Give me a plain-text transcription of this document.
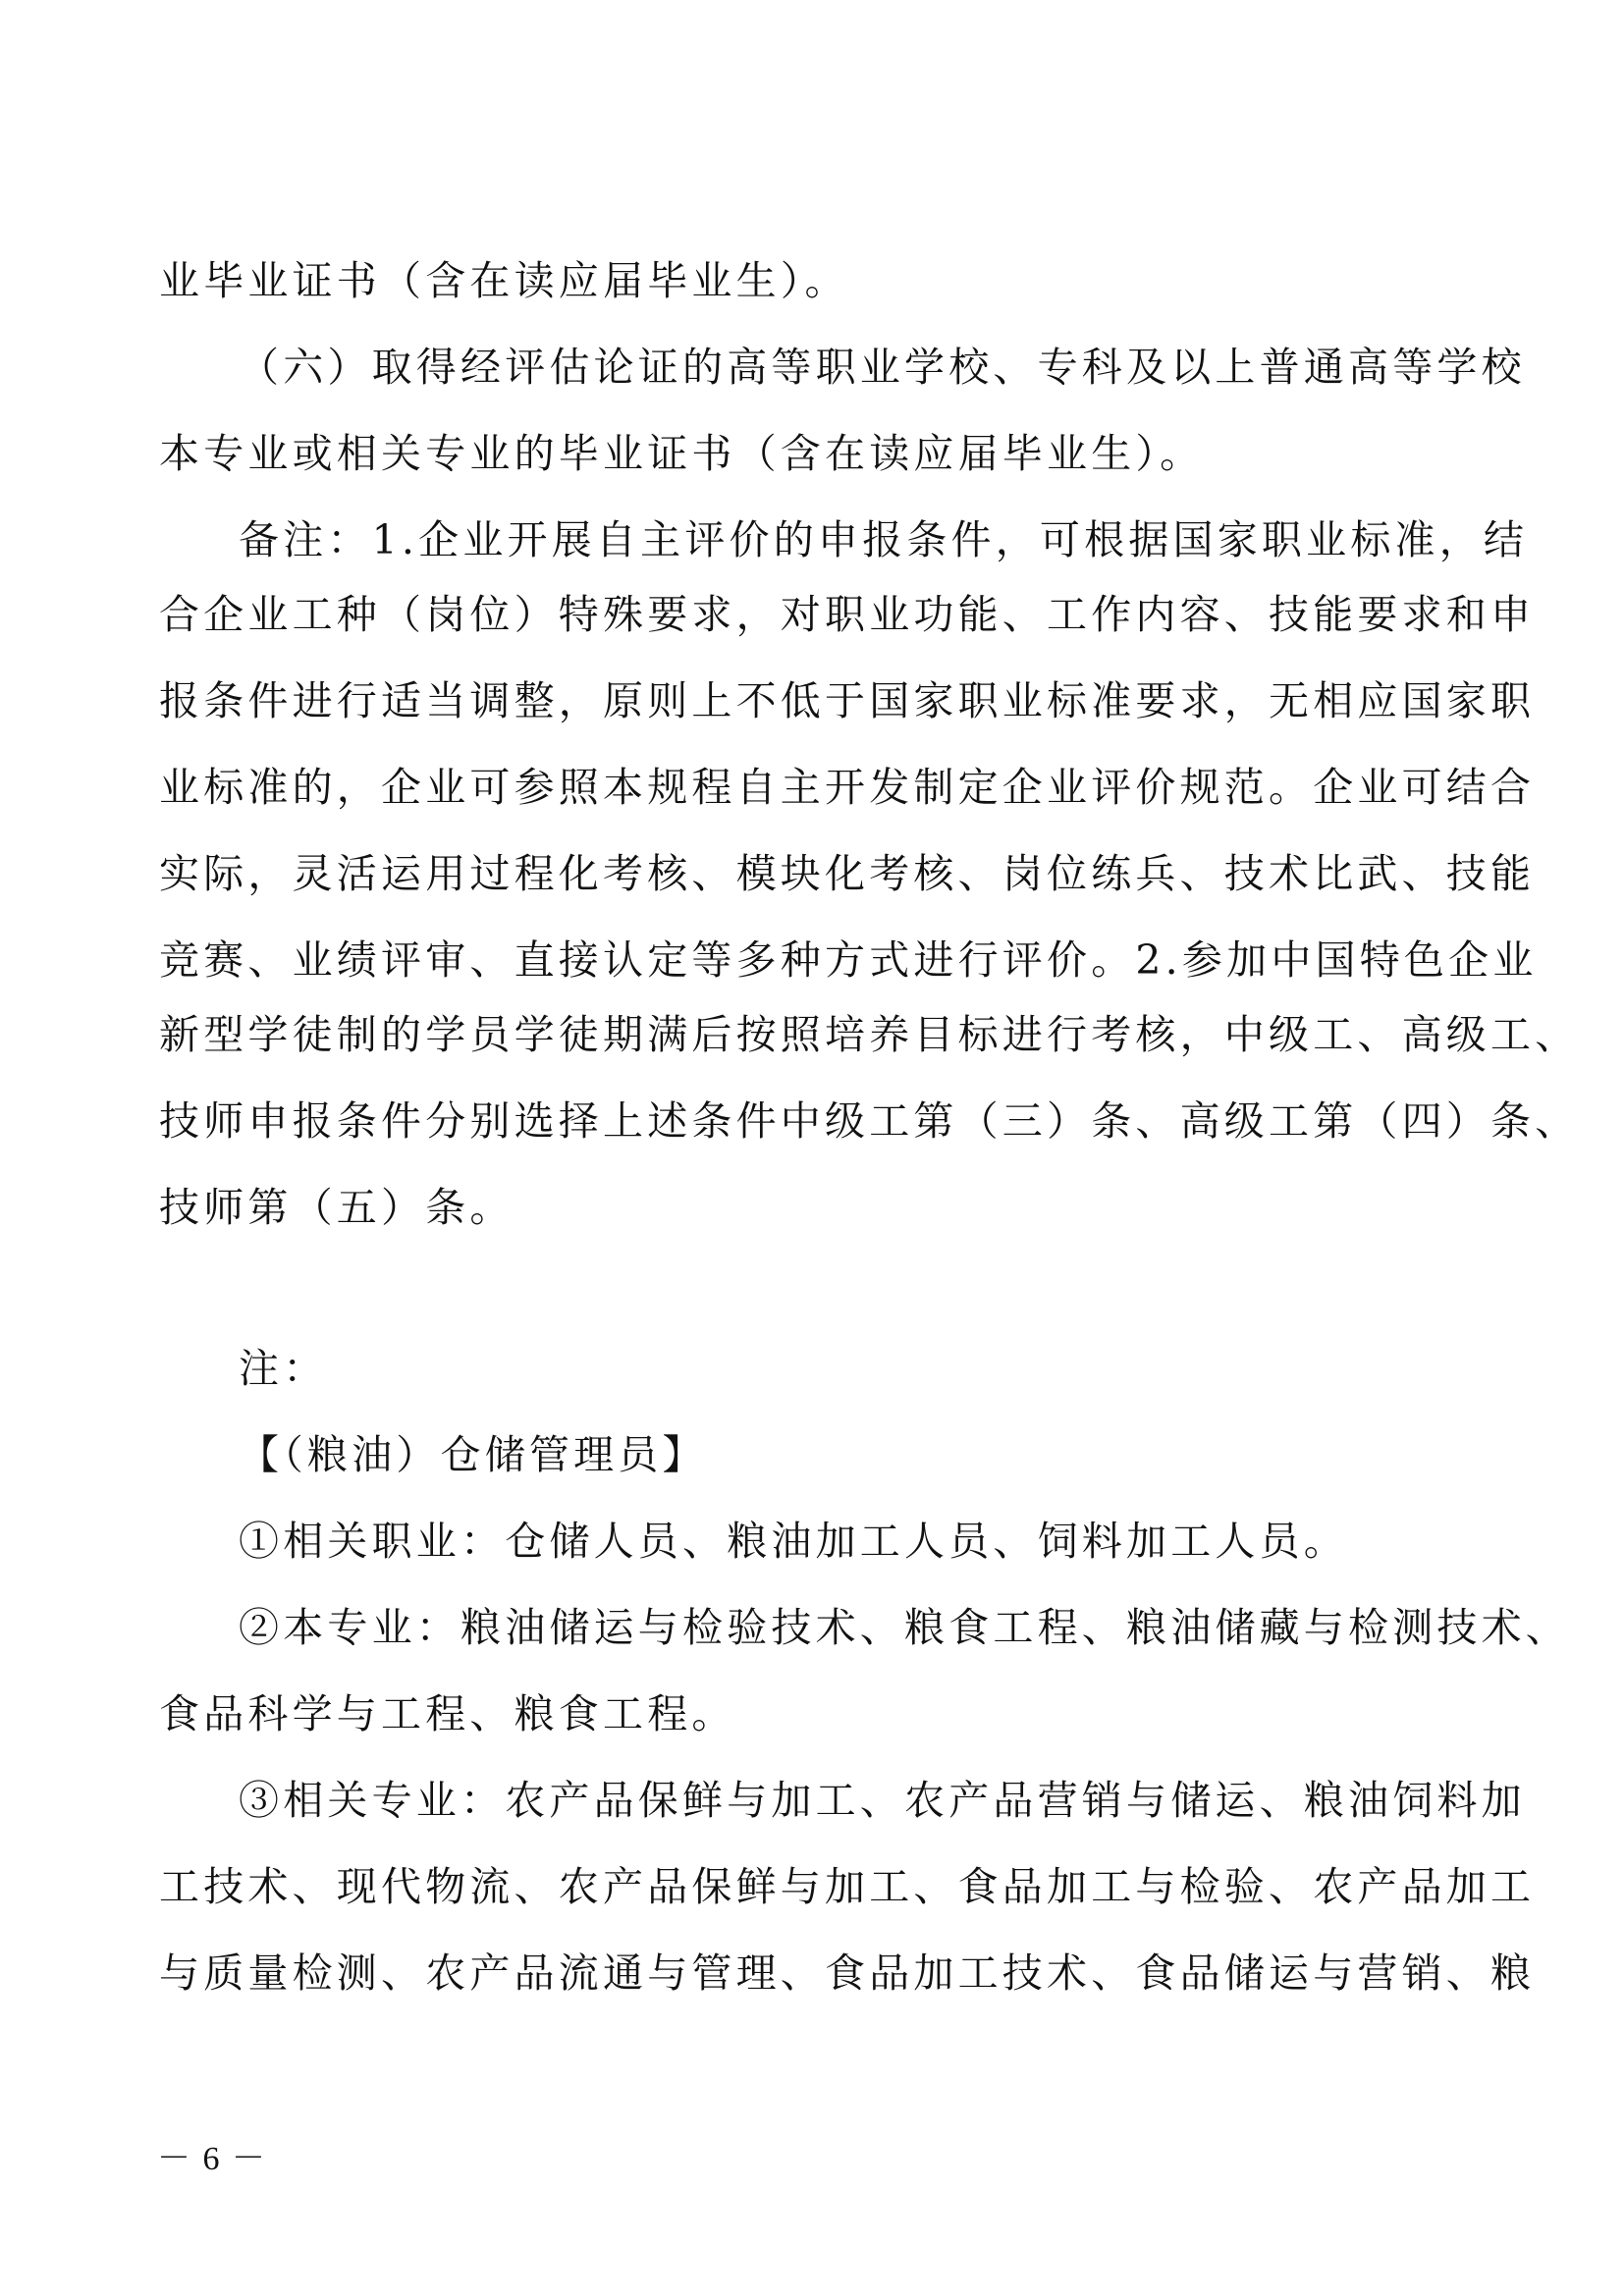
业毕业证书（含在读应届毕业生）。
（六）取得经评估论证的高等职业学校、专科及以上普通高等学校
本专业或相关专业的毕业证书（含在读应届毕业生）。
备注：1.企业开展自主评价的申报条件，可根据国家职业标准，结
合企业工种（岗位）特殊要求，对职业功能、工作内容、技能要求和申
报条件进行适当调整，原则上不低于国家职业标准要求，无相应国家职
业标准的，企业可参照本规程自主开发制定企业评价规范。企业可结合
实际，灵活运用过程化考核、模块化考核、岗位练兵、技术比武、技能
竞赛、业绩评审、直接认定等多种方式进行评价。2.参加中国特色企业
新型学徒制的学员学徒期满后按照培养目标进行考核，中级工、高级工、
技师申报条件分别选择上述条件中级工第（三）条、高级工第（四）条、
技师第（五）条。
注：
【（粮油）仓储管理员】
①相关职业：仓储人员、粮油加工人员、饲料加工人员。
②本专业：粮油储运与检验技术、粮食工程、粮油储藏与检测技术、
食品科学与工程、粮食工程。
③相关专业：农产品保鲜与加工、农产品营销与储运、粮油饲料加
工技术、现代物流、农产品保鲜与加工、食品加工与检验、农产品加工
与质量检测、农产品流通与管理、食品加工技术、食品储运与营销、粮
－ 6 －
